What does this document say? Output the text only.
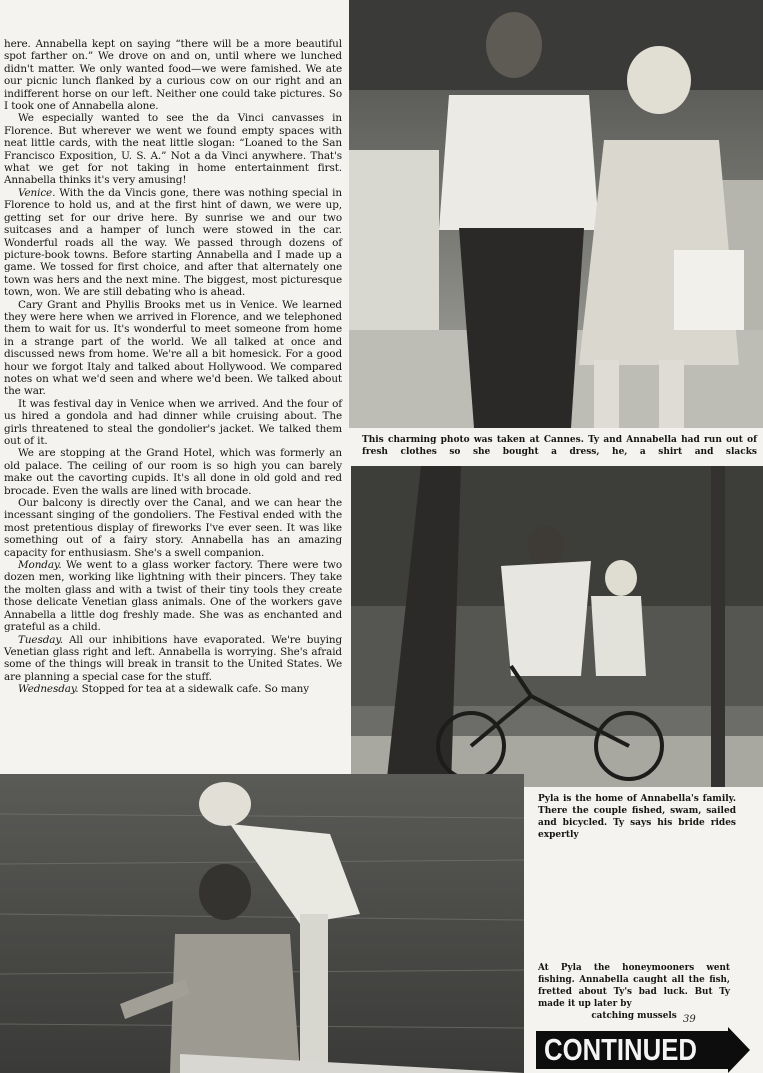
here. Annabella kept on saying “there will be a more beautiful spot farther on.” We drove on and on, until where we lunched didn't matter. We only wanted food—we were famished. We ate our picnic lunch flanked by a curious cow on our right and an indifferent horse on our left. Neither one could take pictures. So I took one of Annabella alone.

We especially wanted to see the da Vinci canvasses in Florence. But wherever we went we found empty spaces with neat little cards, with the neat little slogan: “Loaned to the San Francisco Exposition, U. S. A.” Not a da Vinci anywhere. That's what we get for not taking in home entertainment first. Annabella thinks it's very amusing!

Venice. With the da Vincis gone, there was nothing special in Florence to hold us, and at the first hint of dawn, we were up, getting set for our drive here. By sunrise we and our two suitcases and a hamper of lunch were stowed in the car. Wonderful roads all the way. We passed through dozens of picture-book towns. Before starting Annabella and I made up a game. We tossed for first choice, and after that alternately one town was hers and the next mine. The biggest, most picturesque town, won. We are still debating who is ahead.

Cary Grant and Phyllis Brooks met us in Venice. We learned they were here when we arrived in Florence, and we telephoned them to wait for us. It's wonderful to meet someone from home in a strange part of the world. We all talked at once and discussed news from home. We're all a bit homesick. For a good hour we forgot Italy and talked about Hollywood. We compared notes on what we'd seen and where we'd been. We talked about the war.

It was festival day in Venice when we arrived. And the four of us hired a gondola and had dinner while cruising about. The girls threatened to steal the gondolier's jacket. We talked them out of it.

We are stopping at the Grand Hotel, which was formerly an old palace. The ceiling of our room is so high you can barely make out the cavorting cupids. It's all done in old gold and red brocade. Even the walls are lined with brocade.

Our balcony is directly over the Canal, and we can hear the incessant singing of the gondoliers. The Festival ended with the most pretentious display of fireworks I've ever seen. It was like something out of a fairy story. Annabella has an amazing capacity for enthusiasm. She's a swell companion.

Monday. We went to a glass worker factory. There were two dozen men, working like lightning with their pincers. They take the molten glass and with a twist of their tiny tools they create those delicate Venetian glass animals. One of the workers gave Annabella a little dog freshly made. She was as enchanted and grateful as a child.

Tuesday. All our inhibitions have evaporated. We're buying Venetian glass right and left. Annabella is worrying. She's afraid some of the things will break in transit to the United States. We are planning a special case for the stuff.

Wednesday. Stopped for tea at a sidewalk cafe. So many

This charming photo was taken at Cannes. Ty and Annabella had run out of fresh clothes so she bought a dress, he, a shirt and slacks
Pyla is the home of Annabella's family. There the couple fished, swam, sailed and bicycled. Ty says his bride rides expertly
At Pyla the honeymooners went fishing. Annabella caught all the fish, fretted about Ty's bad luck. But Ty made it up later by
catching mussels 39
CONTINUED
